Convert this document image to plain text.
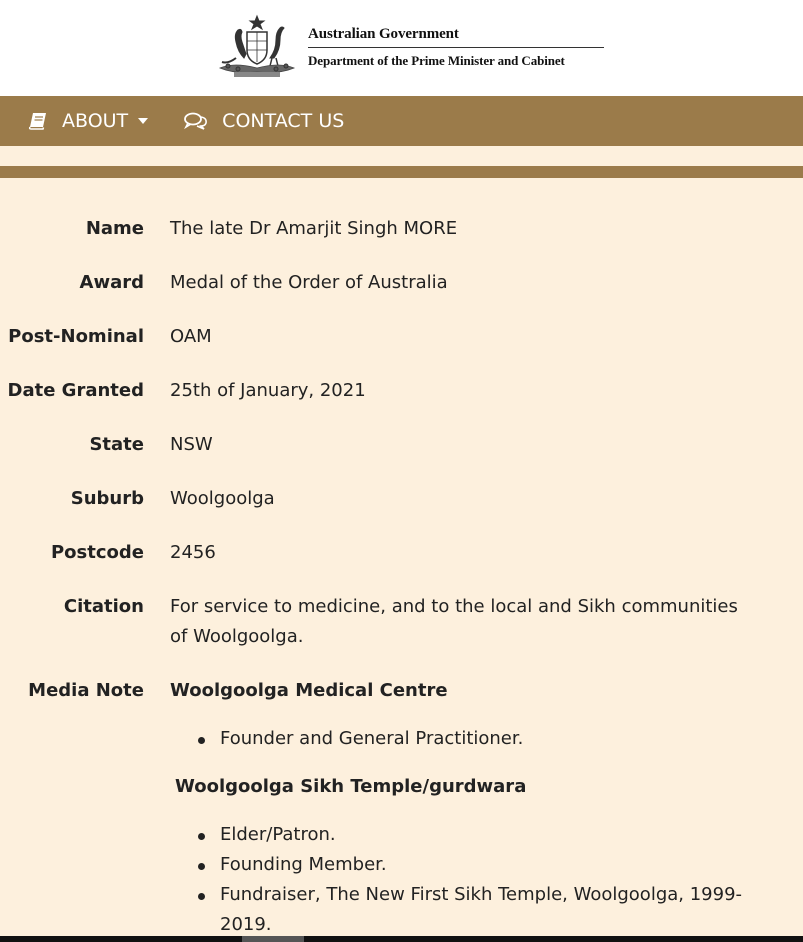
Australian Government
Department of the Prime Minister and Cabinet
ABOUT	CONTACT US
Name The late Dr Amarjit Singh MORE
Award Medal of the Order of Australia
Post-Nominal OAM
Date Granted 25th of January, 2021
State NSW
Suburb Woolgoolga
Postcode 2456
Citation For service to medicine, and to the local and Sikh communities of Woolgoolga.
Media Note Woolgoolga Medical Centre
Founder and General Practitioner.
Woolgoolga Sikh Temple/gurdwara
Elder/Patron.
Founding Member.
Fundraiser, The New First Sikh Temple, Woolgoolga, 1999-2019.
